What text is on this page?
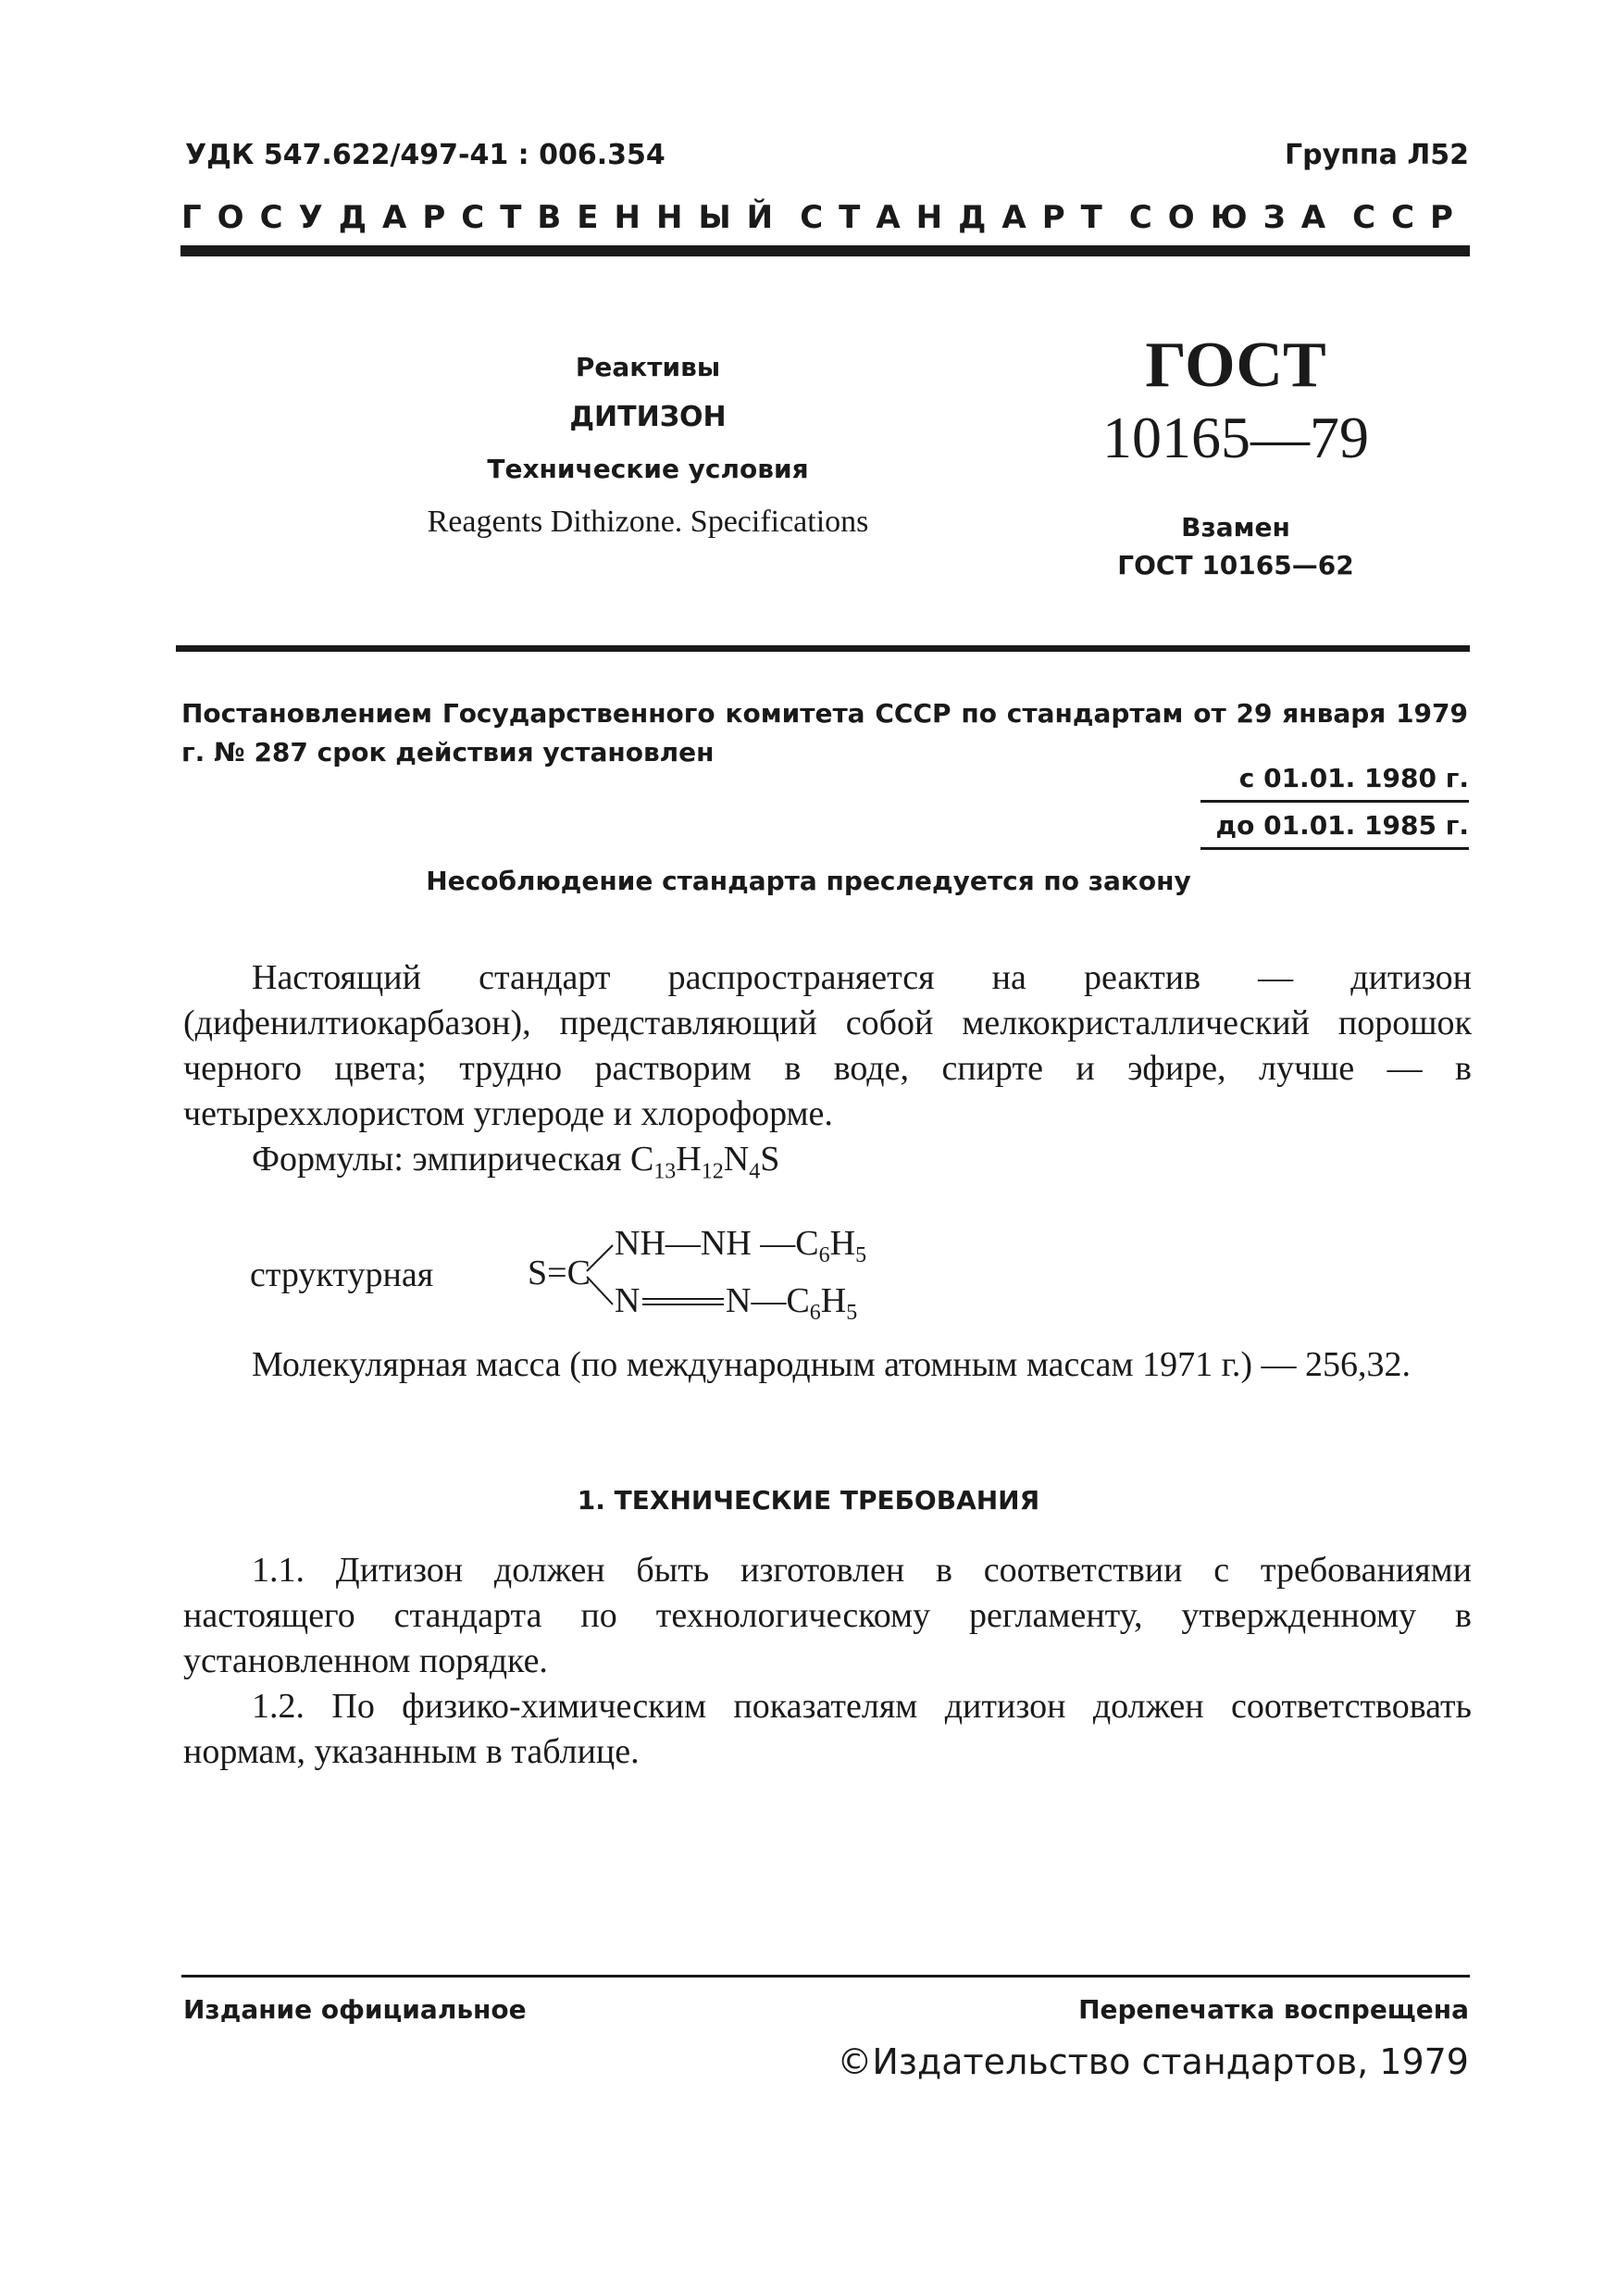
УДК 547.622/497-41 : 006.354	Группа Л52
ГОСУДАРСТВЕННЫЙ СТАНДАРТ СОЮЗА ССР
Реактивы
ДИТИЗОН
Технические условия
Reagents Dithizone. Specifications
ГОСТ
10165—79
Взамен
ГОСТ 10165—62
Постановлением Государственного комитета СССР по стандартам от 29 января 1979 г. № 287 срок действия установлен
с 01.01. 1980 г.
до 01.01. 1985 г.
Несоблюдение стандарта преследуется по закону
Настоящий стандарт распространяется на реактив — дитизон (дифенилтиокарбазон), представляющий собой мелкокристаллический порошок черного цвета; трудно растворим в воде, спирте и эфире, лучше — в четыреххлористом углероде и хлороформе.
Формулы: эмпирическая $C_{13}H_{12}N_4S$
структурная	S=C
NH—NH $—C_6H_5$
N $N—C_6H_5$
Молекулярная масса (по международным атомным массам 1971 г.) — 256,32.
1. ТЕХНИЧЕСКИЕ ТРЕБОВАНИЯ
1.1. Дитизон должен быть изготовлен в соответствии с требованиями настоящего стандарта по технологическому регламенту, утвержденному в установленном порядке.
1.2. По физико-химическим показателям дитизон должен соответствовать нормам, указанным в таблице.
Издание официальное	Перепечатка воспрещена
©Издательство стандартов, 1979
